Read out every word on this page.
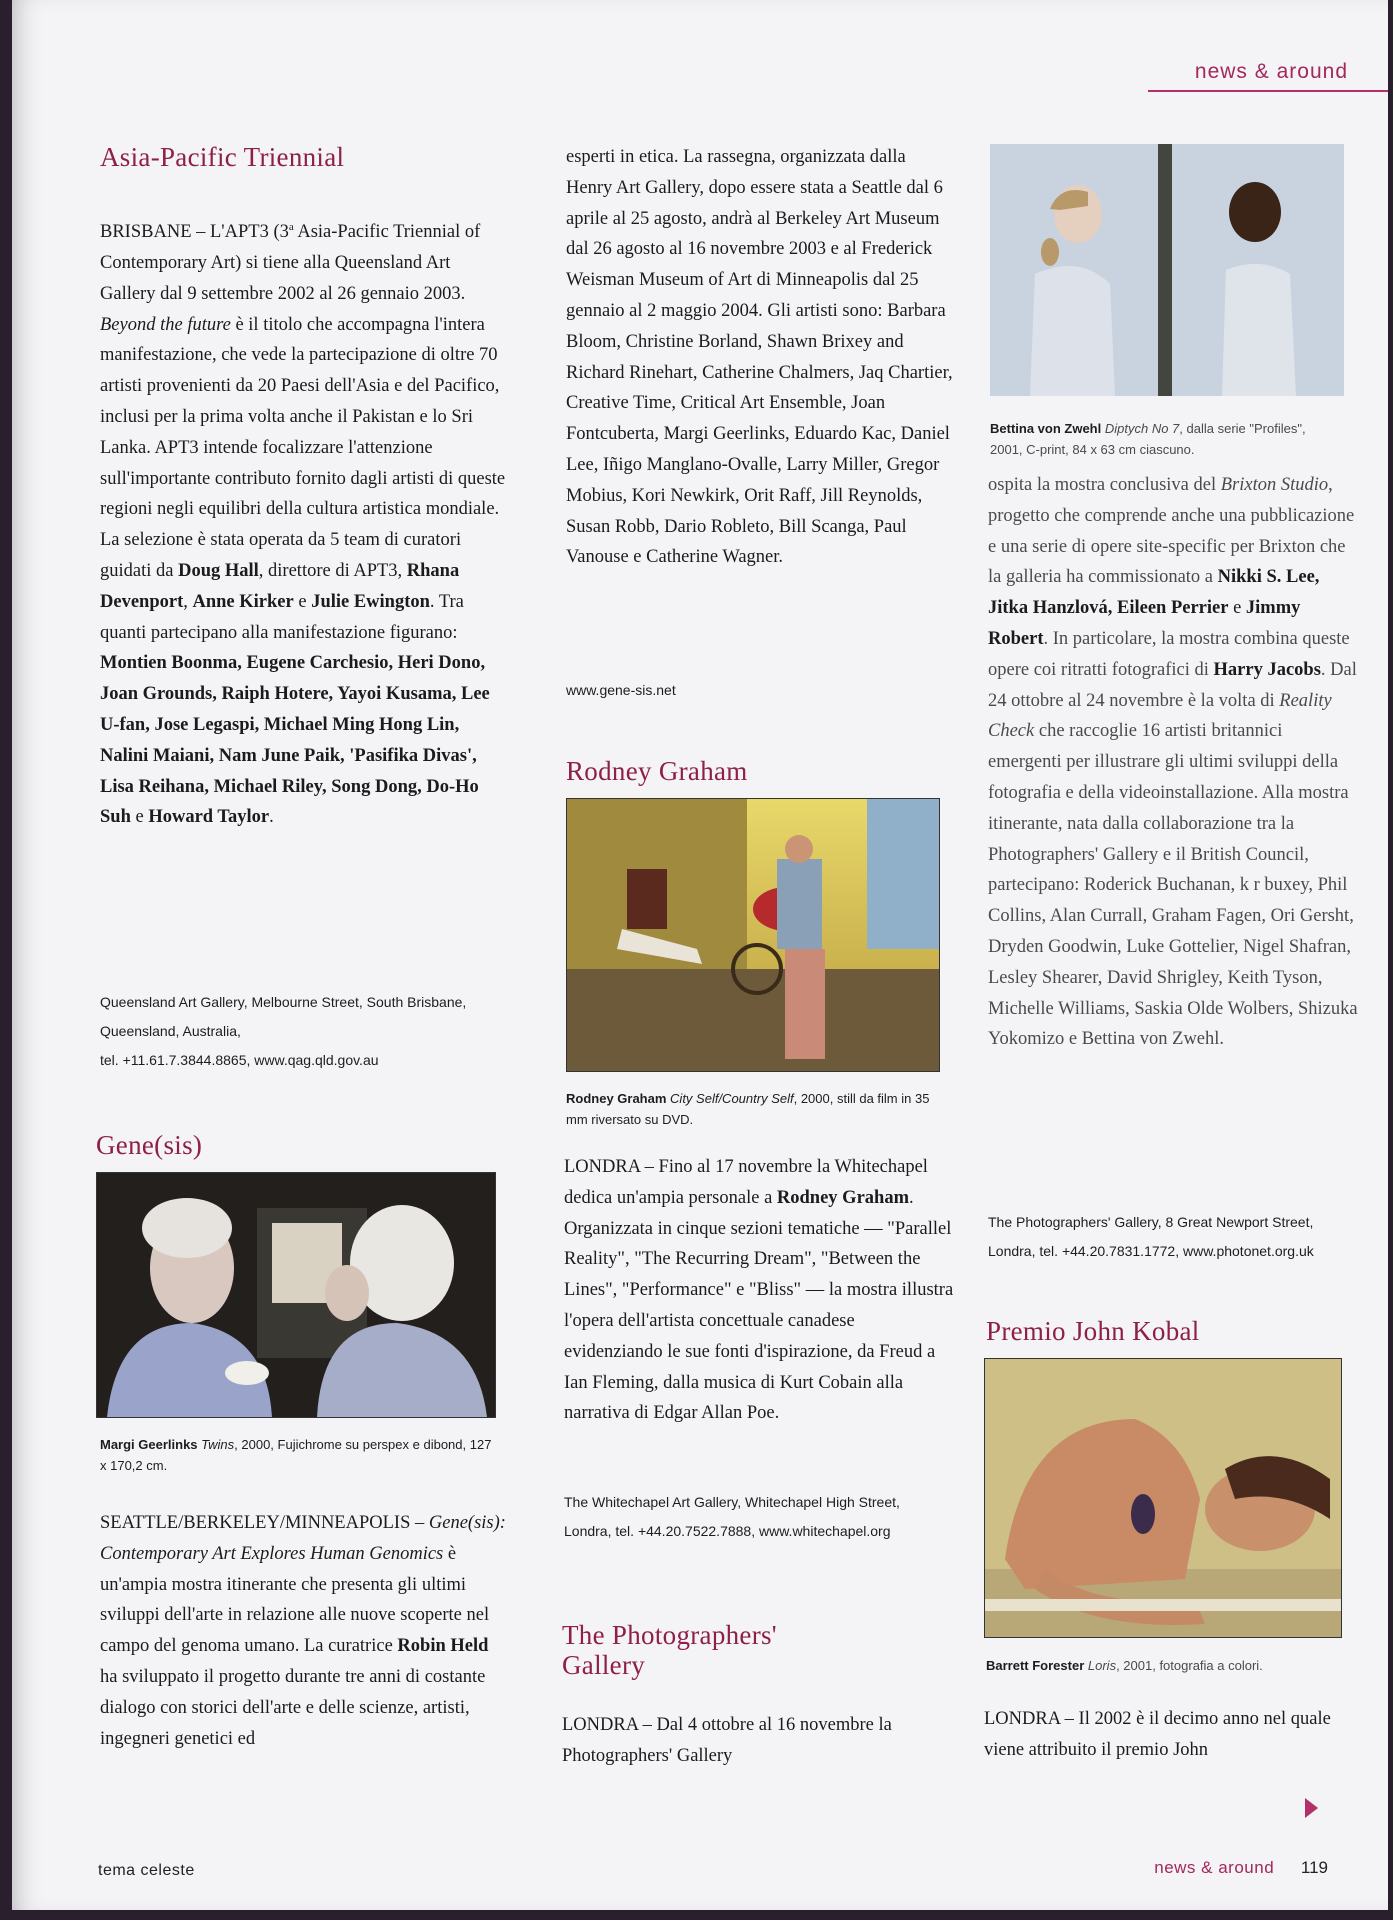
news & around
Asia-Pacific Triennial

BRISBANE – L'APT3 (3$^a$ Asia-Pacific Triennial of Contemporary Art) si tiene alla Queensland Art Gallery dal 9 settembre 2002 al 26 gennaio 2003. Beyond the future è il titolo che accompagna l'intera manifestazione, che vede la partecipazione di oltre 70 artisti provenienti da 20 Paesi dell'Asia e del Pacifico, inclusi per la prima volta anche il Pakistan e lo Sri Lanka. APT3 intende focalizzare l'attenzione sull'importante contributo fornito dagli artisti di queste regioni negli equilibri della cultura artistica mondiale. La selezione è stata operata da 5 team di curatori guidati da Doug Hall, direttore di APT3, Rhana Devenport, Anne Kirker e Julie Ewington. Tra quanti partecipano alla manifestazione figurano: Montien Boonma, Eugene Carchesio, Heri Dono, Joan Grounds, Raiph Hotere, Yayoi Kusama, Lee U-fan, Jose Legaspi, Michael Ming Hong Lin, Nalini Maiani, Nam June Paik, 'Pasifika Divas', Lisa Reihana, Michael Riley, Song Dong, Do-Ho Suh e Howard Taylor.

Queensland Art Gallery, Melbourne Street, South Brisbane, Queensland, Australia,
tel. +11.61.7.3844.8865, www.qag.qld.gov.au
Gene(sis)
Margi Geerlinks Twins, 2000, Fujichrome su perspex e dibond, 127 x 170,2 cm.

SEATTLE/BERKELEY/MINNEAPOLIS – Gene(sis): Contemporary Art Explores Human Genomics è un'ampia mostra itinerante che presenta gli ultimi sviluppi dell'arte in relazione alle nuove scoperte nel campo del genoma umano. La curatrice Robin Held ha sviluppato il progetto durante tre anni di costante dialogo con storici dell'arte e delle scienze, artisti, ingegneri genetici ed

esperti in etica. La rassegna, organizzata dalla Henry Art Gallery, dopo essere stata a Seattle dal 6 aprile al 25 agosto, andrà al Berkeley Art Museum dal 26 agosto al 16 novembre 2003 e al Frederick Weisman Museum of Art di Minneapolis dal 25 gennaio al 2 maggio 2004. Gli artisti sono: Barbara Bloom, Christine Borland, Shawn Brixey and Richard Rinehart, Catherine Chalmers, Jaq Chartier, Creative Time, Critical Art Ensemble, Joan Fontcuberta, Margi Geerlinks, Eduardo Kac, Daniel Lee, Iñigo Manglano-Ovalle, Larry Miller, Gregor Mobius, Kori Newkirk, Orit Raff, Jill Reynolds, Susan Robb, Dario Robleto, Bill Scanga, Paul Vanouse e Catherine Wagner.

www.gene-sis.net
Rodney Graham
Rodney Graham City Self/Country Self, 2000, still da film in 35 mm riversato su DVD.

LONDRA – Fino al 17 novembre la Whitechapel dedica un'ampia personale a Rodney Graham. Organizzata in cinque sezioni tematiche — "Parallel Reality", "The Recurring Dream", "Between the Lines", "Performance" e "Bliss" — la mostra illustra l'opera dell'artista concettuale canadese evidenziando le sue fonti d'ispirazione, da Freud a Ian Fleming, dalla musica di Kurt Cobain alla narrativa di Edgar Allan Poe.

The Whitechapel Art Gallery, Whitechapel High Street, Londra, tel. +44.20.7522.7888, www.whitechapel.org
The Photographers'
Gallery

LONDRA – Dal 4 ottobre al 16 novembre la Photographers' Gallery

Bettina von Zwehl Diptych No 7, dalla serie "Profiles", 2001, C-print, 84 x 63 cm ciascuno.

ospita la mostra conclusiva del Brixton Studio, progetto che comprende anche una pubblicazione e una serie di opere site-specific per Brixton che la galleria ha commissionato a Nikki S. Lee, Jitka Hanzlová, Eileen Perrier e Jimmy Robert. In particolare, la mostra combina queste opere coi ritratti fotografici di Harry Jacobs. Dal 24 ottobre al 24 novembre è la volta di Reality Check che raccoglie 16 artisti britannici emergenti per illustrare gli ultimi sviluppi della fotografia e della videoinstallazione. Alla mostra itinerante, nata dalla collaborazione tra la Photographers' Gallery e il British Council, partecipano: Roderick Buchanan, k r buxey, Phil Collins, Alan Currall, Graham Fagen, Ori Gersht, Dryden Goodwin, Luke Gottelier, Nigel Shafran, Lesley Shearer, David Shrigley, Keith Tyson, Michelle Williams, Saskia Olde Wolbers, Shizuka Yokomizo e Bettina von Zwehl.

The Photographers' Gallery, 8 Great Newport Street, Londra, tel. +44.20.7831.1772, www.photonet.org.uk
Premio John Kobal
Barrett Forester Loris, 2001, fotografia a colori.

LONDRA – Il 2002 è il decimo anno nel quale viene attribuito il premio John

tema celeste	news & around 119
